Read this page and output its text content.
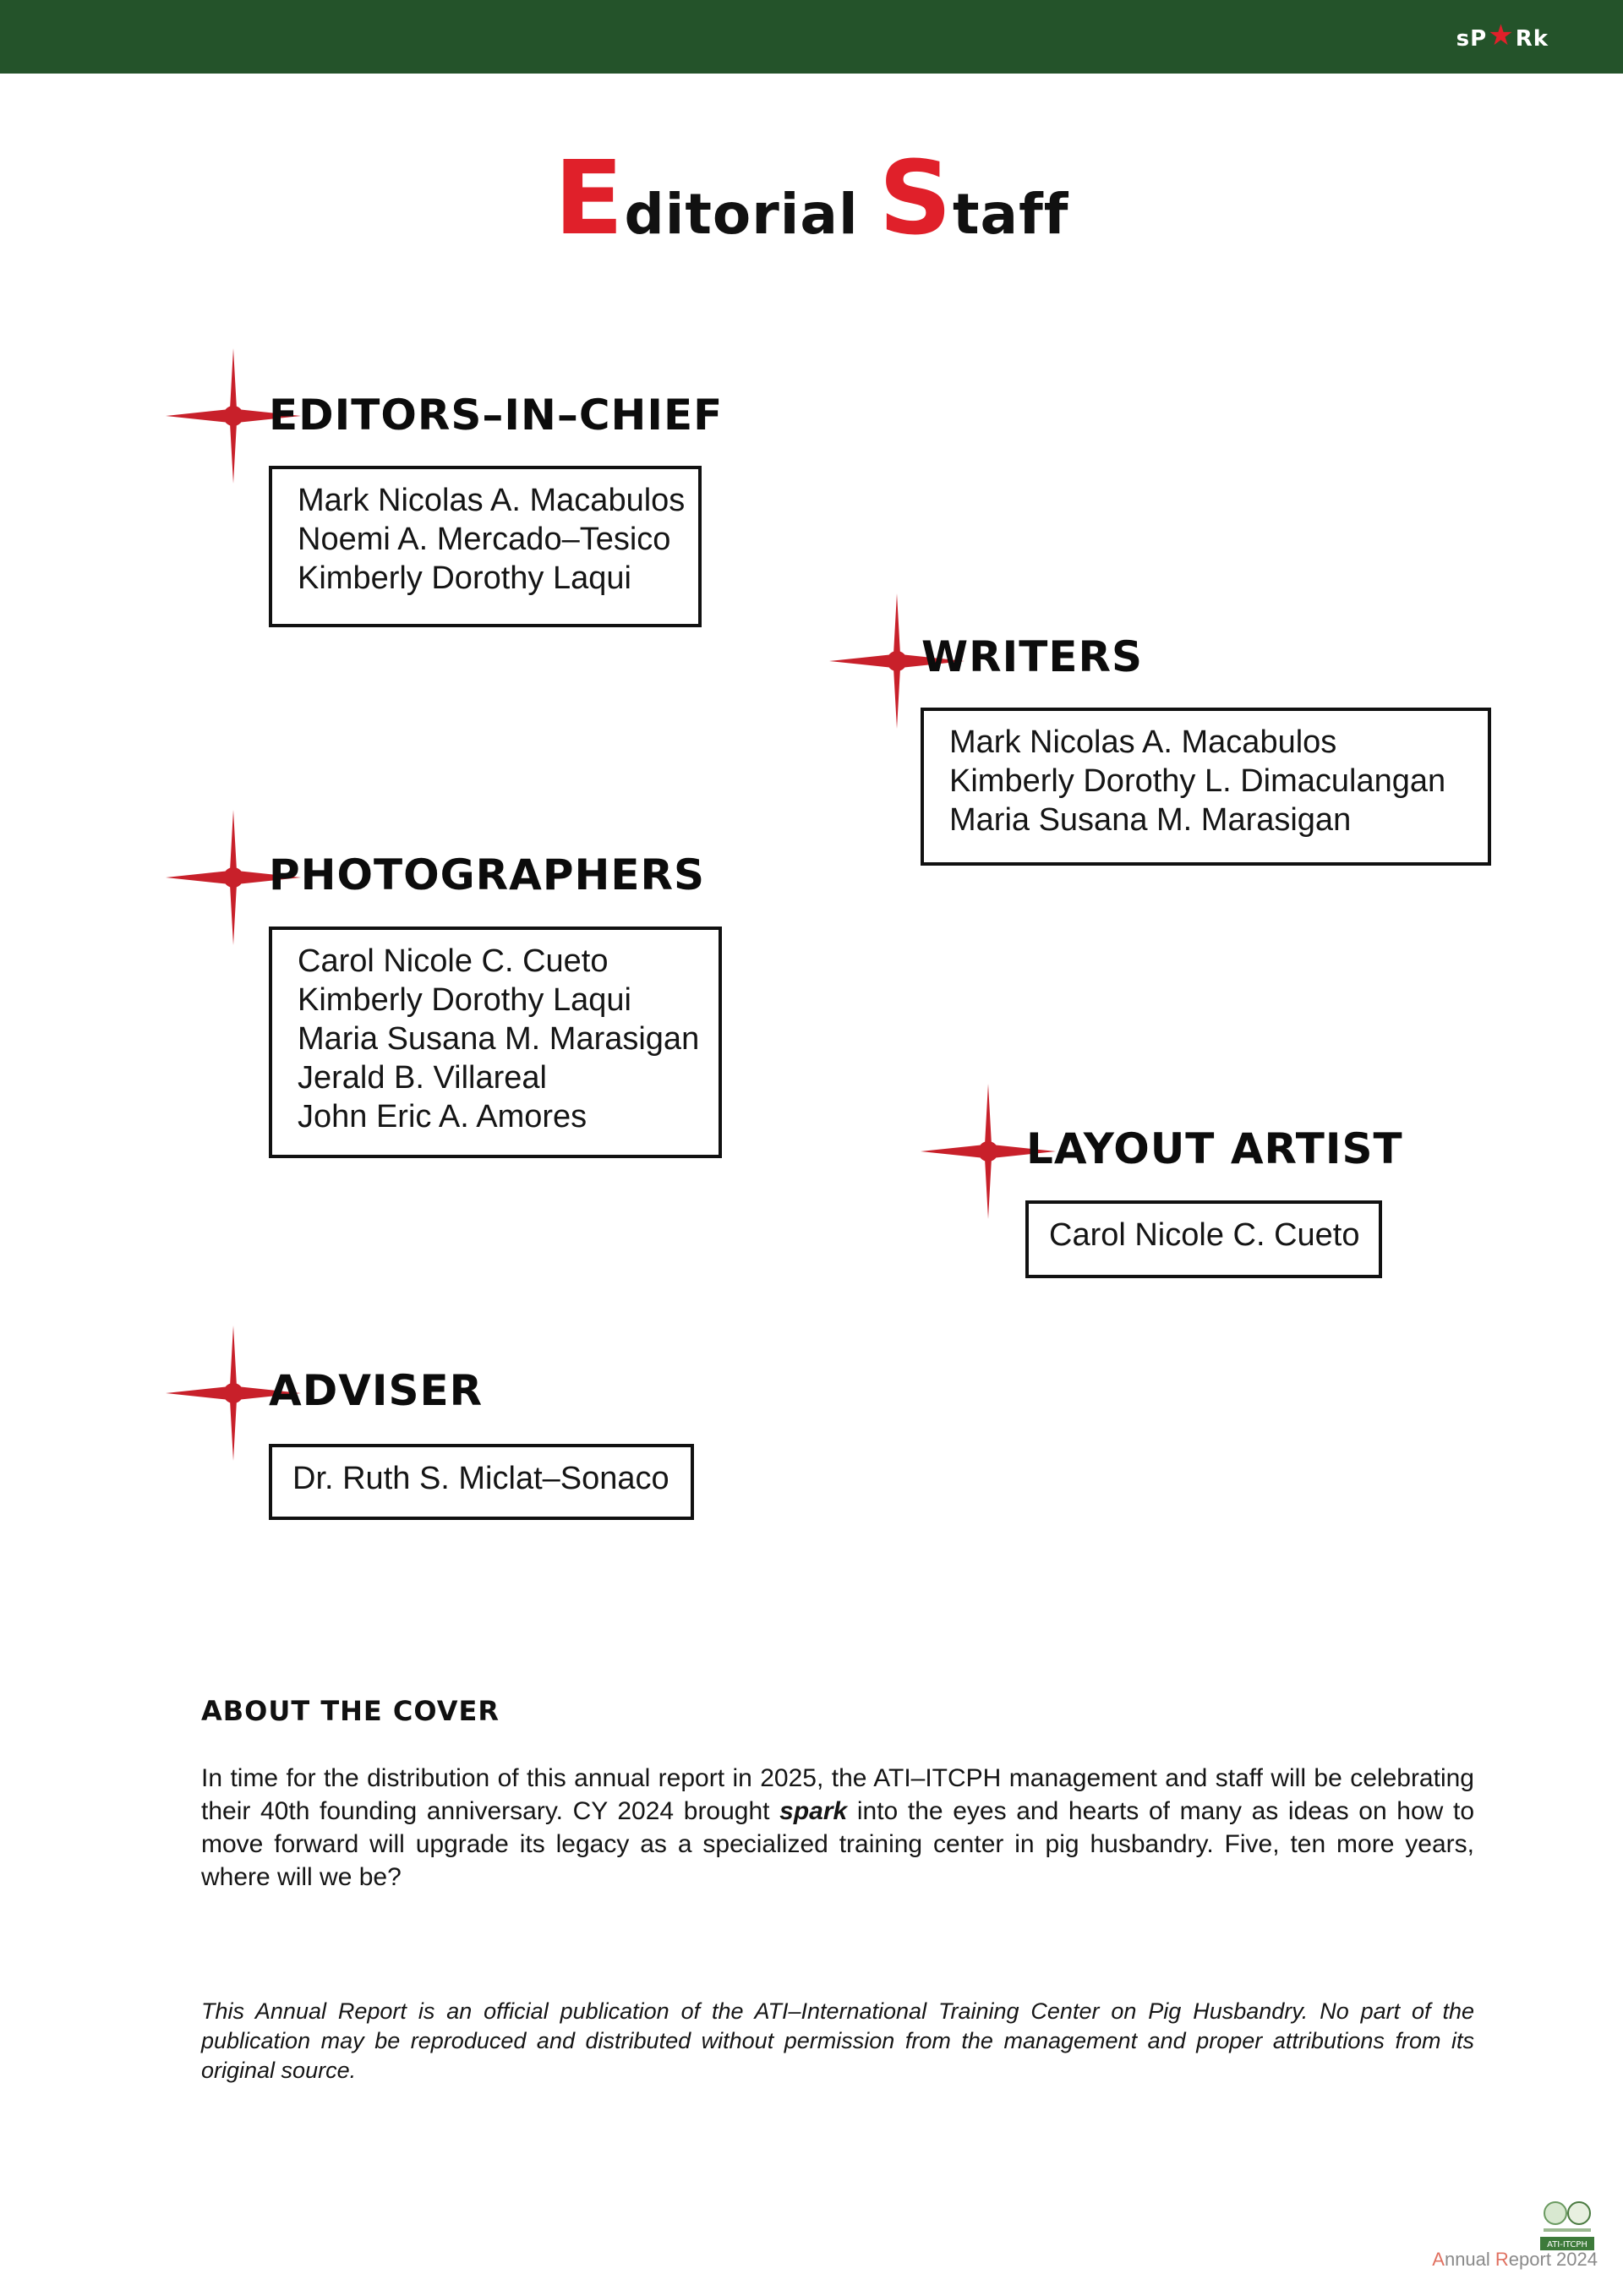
sP ★ Rk
Editorial Staff
EDITORS–IN–CHIEF
Mark Nicolas A. Macabulos
Noemi A. Mercado–Tesico
Kimberly Dorothy Laqui
WRITERS
Mark Nicolas A. Macabulos
Kimberly Dorothy L. Dimaculangan
Maria Susana M. Marasigan
PHOTOGRAPHERS
Carol Nicole C. Cueto
Kimberly Dorothy Laqui
Maria Susana M. Marasigan
Jerald B. Villareal
John Eric A. Amores
LAYOUT ARTIST
Carol Nicole C. Cueto
ADVISER
Dr. Ruth S. Miclat–Sonaco
ABOUT THE COVER
In time for the distribution of this annual report in 2025, the ATI–ITCPH management and staff will be celebrating their 40th founding anniversary. CY 2024 brought spark into the eyes and hearts of many as ideas on how to move forward will upgrade its legacy as a specialized training center in pig husbandry. Five, ten more years, where will we be?
This Annual Report is an official publication of the ATI–International Training Center on Pig Husbandry. No part of the publication may be reproduced and distributed without permission from the management and proper attributions from its original source.
ATI-ITCPH
Annual Report 2024
